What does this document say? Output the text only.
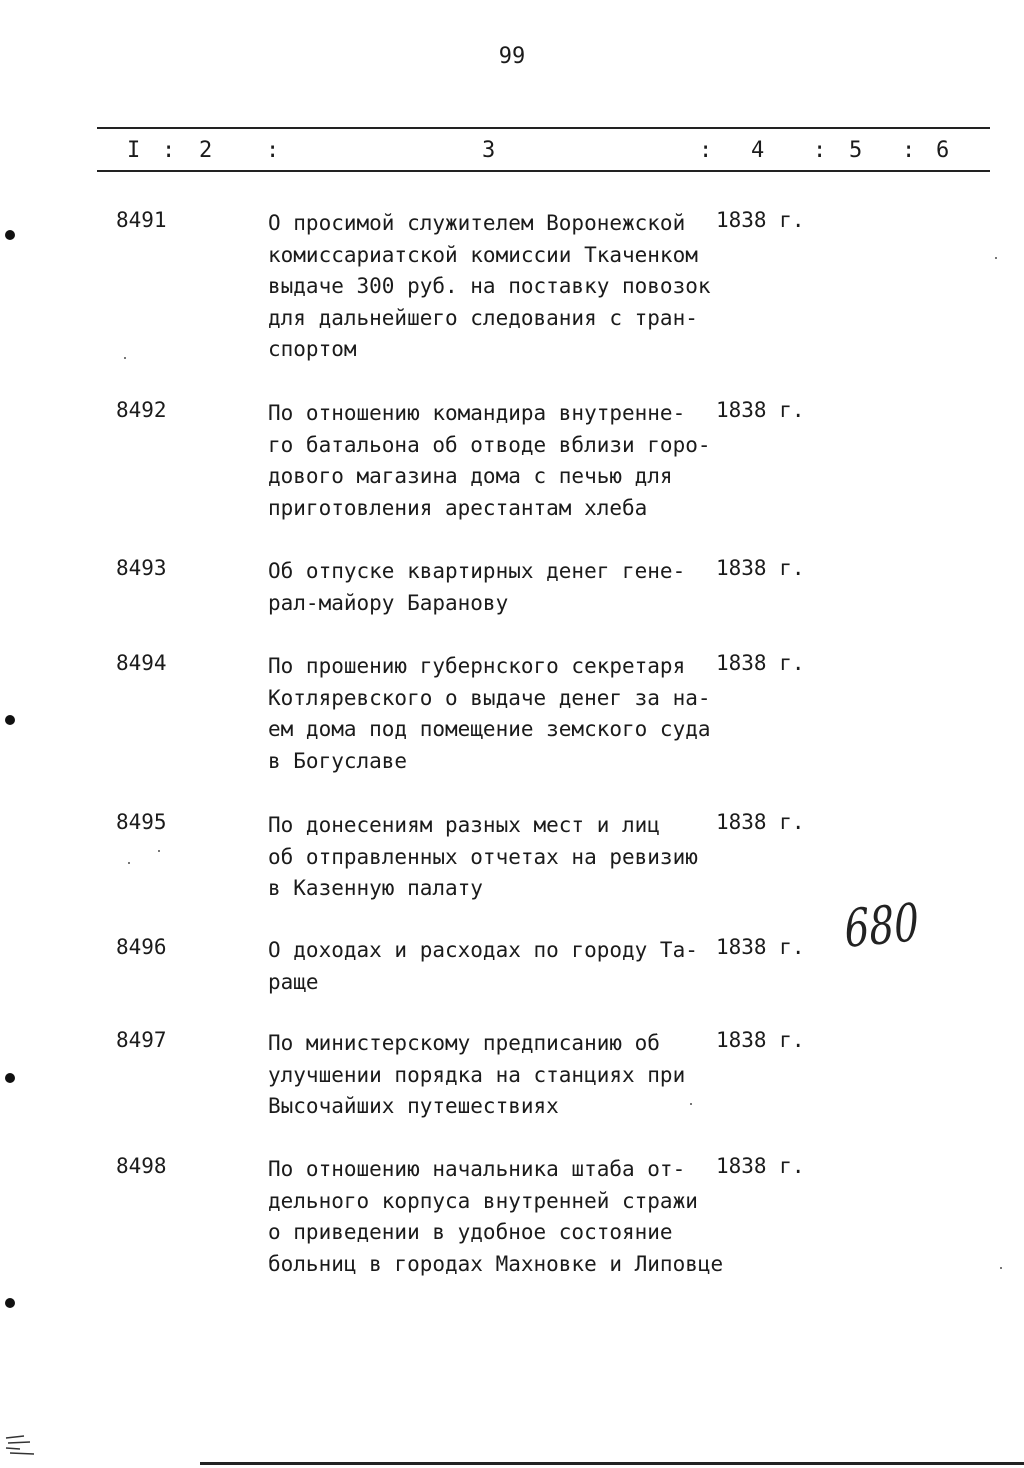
99
I : 2 :	3	: 4 : 5 : 6
8491	О просимой служителем Воронежской
комиссариатской комиссии Ткаченком
выдаче 300 руб. на поставку повозок
для дальнейшего следования с тран-
спортом
1838 г.
8492	По отношению командира внутренне-
го батальона об отводе вблизи горо-
дового магазина дома с печью для
приготовления арестантам хлеба
1838 г.
8493	Об отпуске квартирных денег гене-
рал-майору Баранову
1838 г.
8494	По прошению губернского секретаря
Котляревского о выдаче денег за на-
ем дома под помещение земского суда
в Богуславе
1838 г.
8495	По донесениям разных мест и лиц
об отправленных отчетах на ревизию
в Казенную палату
1838 г.
8496	О доходах и расходах по городу Та-
раще
1838 г.
8497	По министерскому предписанию об
улучшении порядка на станциях при
Высочайших путешествиях
1838 г.
8498	По отношению начальника штаба от-
дельного корпуса внутренней стражи
о приведении в удобное состояние
больниц в городах Махновке и Липовце
1838 г.
680
